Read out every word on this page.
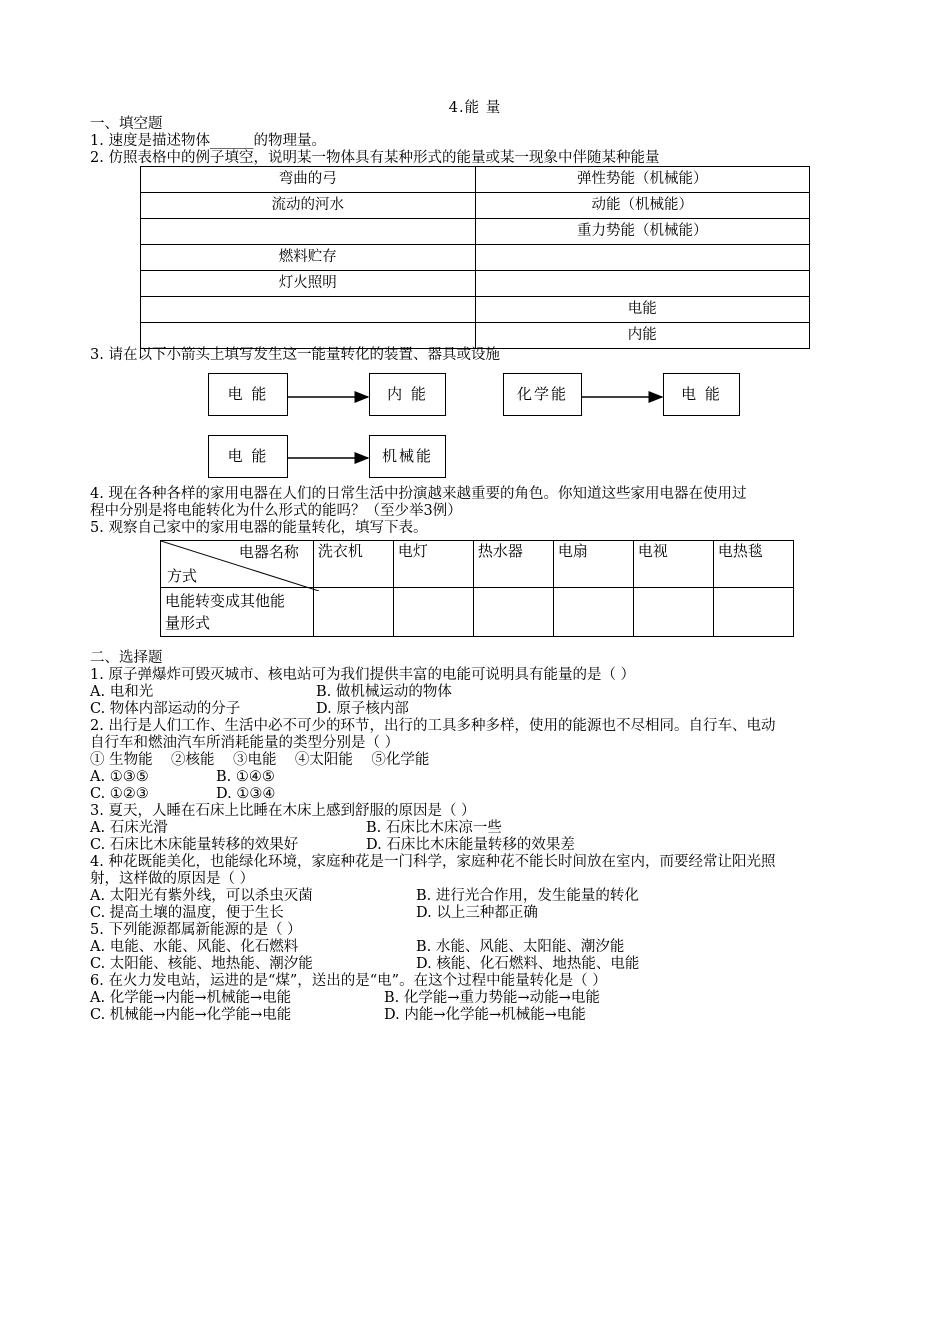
4.能 量
一、填空题
1. 速度是描述物体______的物理量。
2. 仿照表格中的例子填空，说明某一物体具有某种形式的能量或某一现象中伴随某种能量
弯曲的弓	弹性势能（机械能）
流动的河水	动能（机械能）
	重力势能（机械能）
燃料贮存	
灯火照明	
	电能
	内能
3. 请在以下小箭头上填写发生这一能量转化的装置、器具或设施
电 能	内 能	化学能	电 能
电 能	机械能
4. 现在各种各样的家用电器在人们的日常生活中扮演越来越重要的角色。你知道这些家用电器在使用过
程中分别是将电能转化为什么形式的能吗？（至少举3例）
5. 观察自己家中的家用电器的能量转化，填写下表。
电器名称
方式	洗衣机	电灯	热水器	电扇	电视	电热毯

电能转变成其他能
量形式						

二、选择题
1. 原子弹爆炸可毁灭城市、核电站可为我们提供丰富的电能可说明具有能量的是（ ）
A. 电和光	B. 做机械运动的物体
C. 物体内部运动的分子	D. 原子核内部
2. 出行是人们工作、生活中必不可少的环节，出行的工具多种多样，使用的能源也不尽相同。自行车、电动
自行车和燃油汽车所消耗能量的类型分别是（ ）
① 生物能    ②核能    ③电能    ④太阳能    ⑤化学能
A. ①③⑤	B. ①④⑤
C. ①②③	D. ①③④
3. 夏天，人睡在石床上比睡在木床上感到舒服的原因是（ ）
A. 石床光滑	B. 石床比木床凉一些
C. 石床比木床能量转移的效果好	D. 石床比木床能量转移的效果差
4. 种花既能美化，也能绿化环境，家庭种花是一门科学，家庭种花不能长时间放在室内，而要经常让阳光照
射，这样做的原因是（ ）
A. 太阳光有紫外线，可以杀虫灭菌	B. 进行光合作用，发生能量的转化
C. 提高土壤的温度，便于生长	D. 以上三种都正确
5. 下列能源都属新能源的是（ ）
A. 电能、水能、风能、化石燃料	B. 水能、风能、太阳能、潮汐能
C. 太阳能、核能、地热能、潮汐能	D. 核能、化石燃料、地热能、电能
6. 在火力发电站，运进的是“煤”，送出的是“电”。在这个过程中能量转化是（ ）
A. 化学能→内能→机械能→电能	B. 化学能→重力势能→动能→电能
C. 机械能→内能→化学能→电能	D. 内能→化学能→机械能→电能
